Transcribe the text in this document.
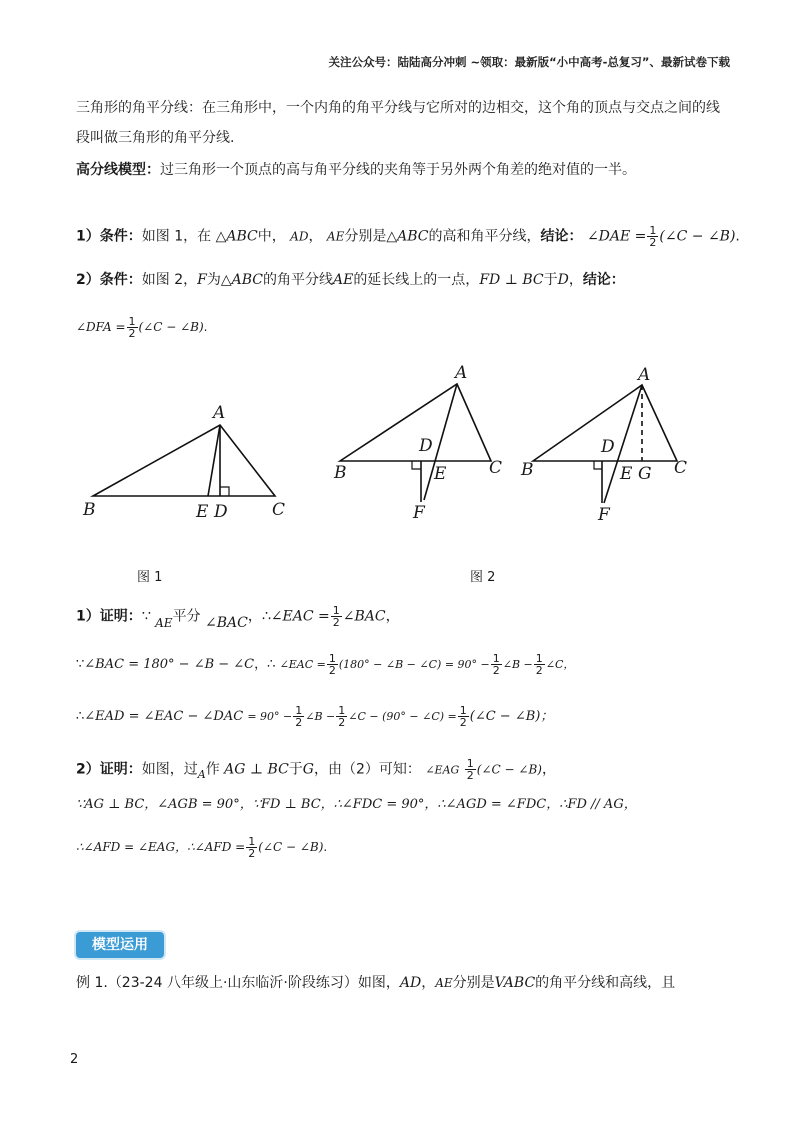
关注公众号：陆陆高分冲刺 ~领取：最新版“小中高考-总复习”、最新试卷下载
三角形的角平分线：在三角形中，一个内角的角平分线与它所对的边相交，这个角的顶点与交点之间的线
段叫做三角形的角平分线.
高分线模型：过三角形一个顶点的高与角平分线的夹角等于另外两个角差的绝对值的一半。
1）条件：如图 1，在 △ABC中， AD， AE分别是△ABC的高和角平分线，结论： ∠DAE = $\frac{1}{2}$ (∠C − ∠B).
2）条件：如图 2，F为△ABC的角平分线AE的延长线上的一点，FD ⊥ BC于D，结论：
∠DFA = $\frac{1}{2}$ (∠C − ∠B).
A
B	C
E D
图 1
A
B	C
D
E
F
图 2
A
B	C
D
E G
F
1）证明：∵ AE平分 ∠BAC，∴∠EAC = $\frac{1}{2}$ ∠BAC，
∵∠BAC = 180° − ∠B − ∠C，∴ ∠EAC = $\frac{1}{2} (180^\circ$ − ∠B − ∠C) = $90^\circ - \frac{1}{2}$ ∠B − $\frac{1}{2}$ ∠C，
∴∠EAD = ∠EAC − ∠DAC = $90^\circ - \frac{1}{2}$ ∠B − $\frac{1}{2}$ ∠C − (90° − ∠C) = $\frac{1}{2}$ (∠C − ∠B)；
2）证明：如图，过$_A$作 AG ⊥ BC于G，由（2）可知： ∠EAG $\frac{1}{2}$ (∠C − ∠B)，
∵AG ⊥ BC，∠AGB = 90°，∵FD ⊥ BC，∴∠FDC = 90°，∴∠AGD = ∠FDC，∴FD // AG，
∴∠AFD = ∠EAG，∴∠AFD = $\frac{1}{2}$ (∠C − ∠B).
模型运用
例 1.（23-24 八年级上·山东临沂·阶段练习）如图，AD，AE分别是VABC的角平分线和高线，且
2
